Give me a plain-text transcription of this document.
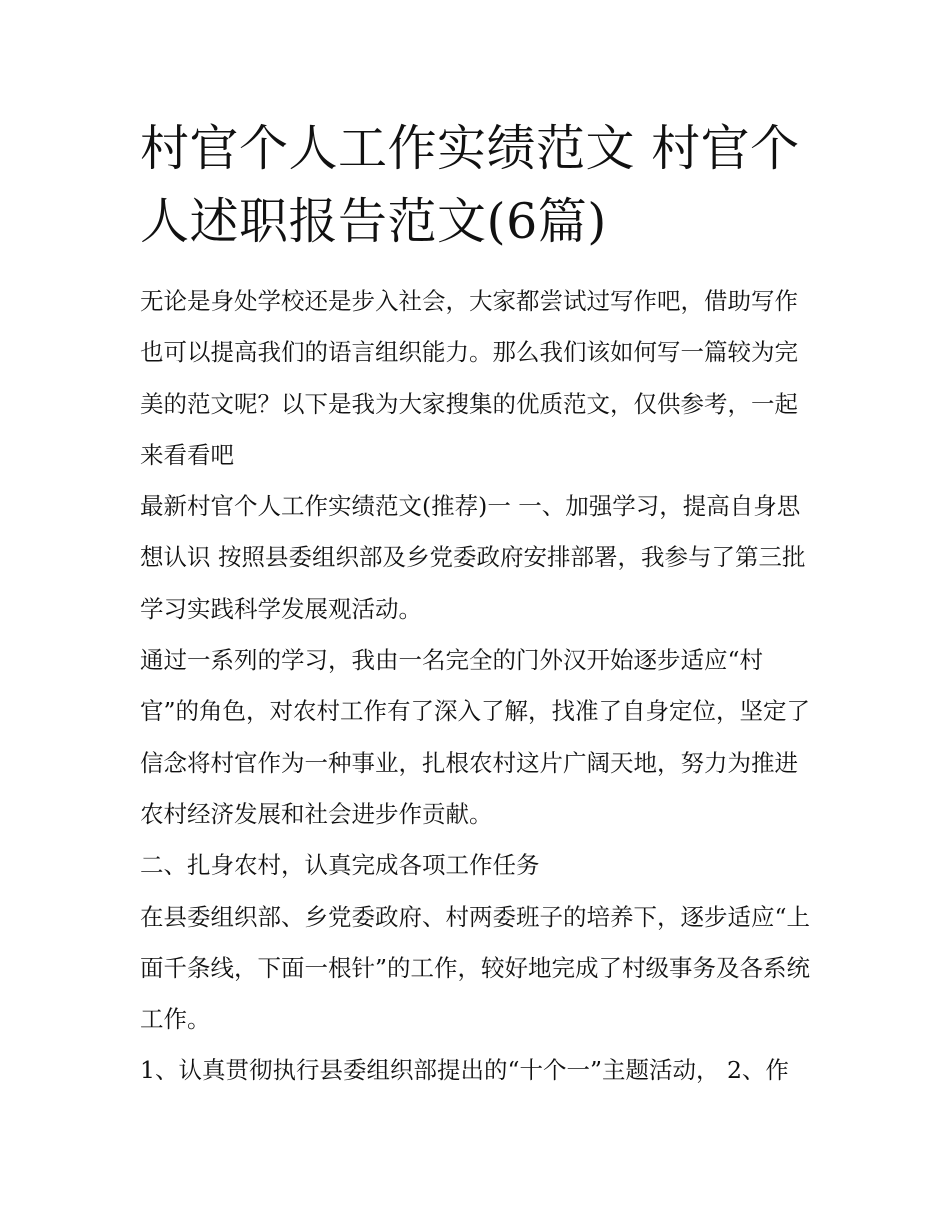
村官个人工作实绩范文 村官个人述职报告范文(6篇)

无论是身处学校还是步入社会，大家都尝试过写作吧，借助写作也可以提高我们的语言组织能力。那么我们该如何写一篇较为完美的范文呢？以下是我为大家搜集的优质范文，仅供参考，一起来看看吧

最新村官个人工作实绩范文(推荐)一 一、加强学习，提高自身思想认识 按照县委组织部及乡党委政府安排部署，我参与了第三批学习实践科学发展观活动。

通过一系列的学习，我由一名完全的门外汉开始逐步适应“村官”的角色，对农村工作有了深入了解，找准了自身定位，坚定了信念将村官作为一种事业，扎根农村这片广阔天地，努力为推进农村经济发展和社会进步作贡献。

二、扎身农村，认真完成各项工作任务

在县委组织部、乡党委政府、村两委班子的培养下，逐步适应“上面千条线，下面一根针”的工作，较好地完成了村级事务及各系统工作。

1、认真贯彻执行县委组织部提出的“十个一”主题活动， 2、作
